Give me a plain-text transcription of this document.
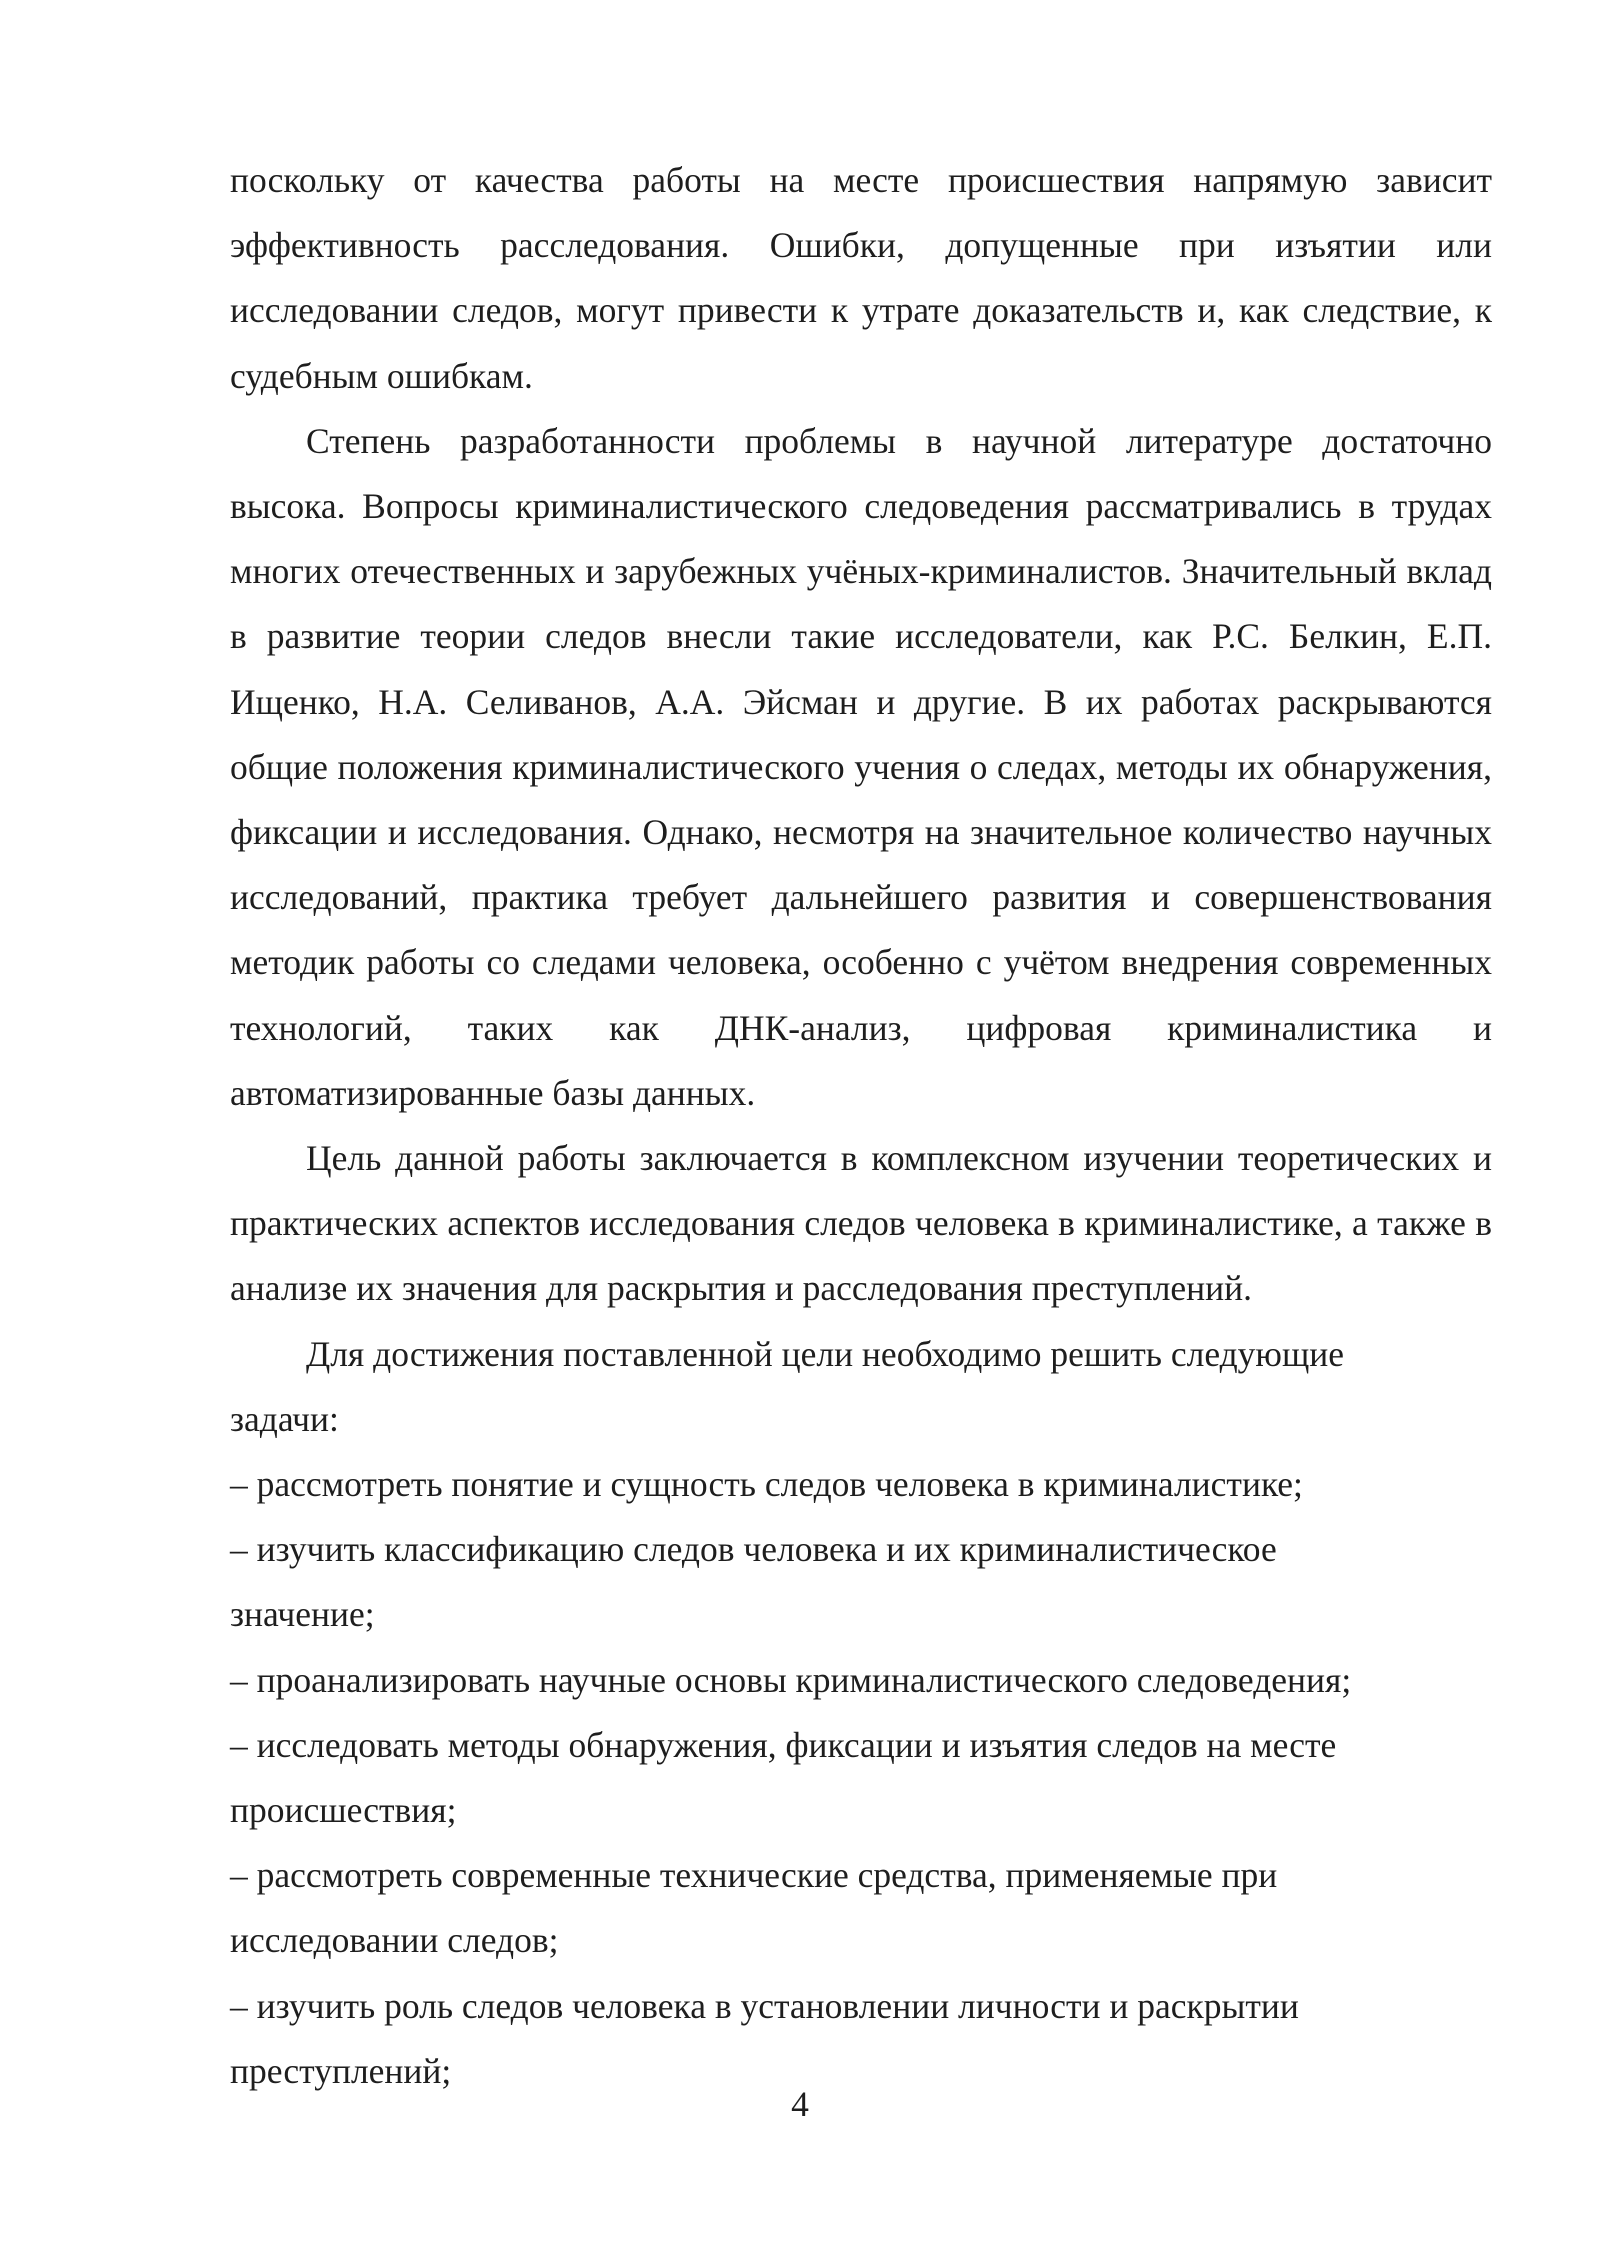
поскольку от качества работы на месте происшествия напрямую зависит эффективность расследования. Ошибки, допущенные при изъятии или исследовании следов, могут привести к утрате доказательств и, как следствие, к судебным ошибкам.

Степень разработанности проблемы в научной литературе достаточно высока. Вопросы криминалистического следоведения рассматривались в трудах многих отечественных и зарубежных учёных-криминалистов. Значительный вклад в развитие теории следов внесли такие исследователи, как Р.С. Белкин, Е.П. Ищенко, Н.А. Селиванов, А.А. Эйсман и другие. В их работах раскрываются общие положения криминалистического учения о следах, методы их обнаружения, фиксации и исследования. Однако, несмотря на значительное количество научных исследований, практика требует дальнейшего развития и совершенствования методик работы со следами человека, особенно с учётом внедрения современных технологий, таких как ДНК-анализ, цифровая криминалистика и автоматизированные базы данных.

Цель данной работы заключается в комплексном изучении теоретических и практических аспектов исследования следов человека в криминалистике, а также в анализе их значения для раскрытия и расследования преступлений.

Для достижения поставленной цели необходимо решить следующие задачи:

– рассмотреть понятие и сущность следов человека в криминалистике;

– изучить классификацию следов человека и их криминалистическое значение;

– проанализировать научные основы криминалистического следоведения;

– исследовать методы обнаружения, фиксации и изъятия следов на месте происшествия;

– рассмотреть современные технические средства, применяемые при исследовании следов;

– изучить роль следов человека в установлении личности и раскрытии преступлений;

4
